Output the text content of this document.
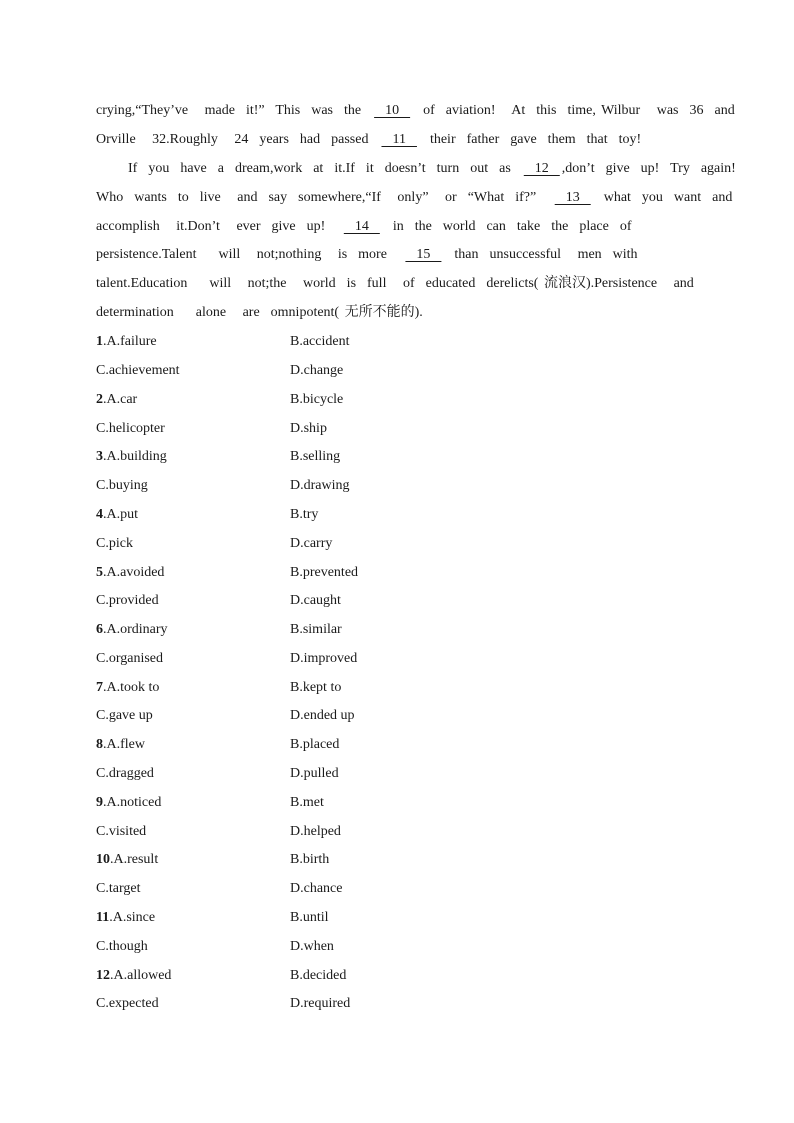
crying,“They’ve   made  it!”  This  was  the    10    of  aviation!   At  this  time, Wilbur   was  36  and
Orville   32.Roughly   24  years  had  passed    11    their  father  gave  them  that  toy!
If  you  have  a  dream,work  at  it.If  it  doesn’t  turn  out  as    12  ,don’t  give  up!  Try  again!
Who  wants  to  live   and  say  somewhere,“If   only”   or  “What  if?”     13    what  you  want  and
accomplish   it.Don’t   ever  give  up!     14    in  the  world  can  take  the  place  of
persistence.Talent    will   not;nothing   is  more     15    than  unsuccessful   men  with
talent.Education    will   not;the   world  is  full   of  educated  derelicts( 流浪汉).Persistence   and
determination    alone   are  omnipotent( 无所不能的).
1.A.failure	B.accident
C.achievement	D.change
2.A.car	B.bicycle
C.helicopter	D.ship
3.A.building	B.selling
C.buying	D.drawing
4.A.put	B.try
C.pick	D.carry
5.A.avoided	B.prevented
C.provided	D.caught
6.A.ordinary	B.similar
C.organised	D.improved
7.A.took to	B.kept to
C.gave up	D.ended up
8.A.flew	B.placed
C.dragged	D.pulled
9.A.noticed	B.met
C.visited	D.helped
10.A.result	B.birth
C.target	D.chance
11.A.since	B.until
C.though	D.when
12.A.allowed	B.decided
C.expected	D.required
